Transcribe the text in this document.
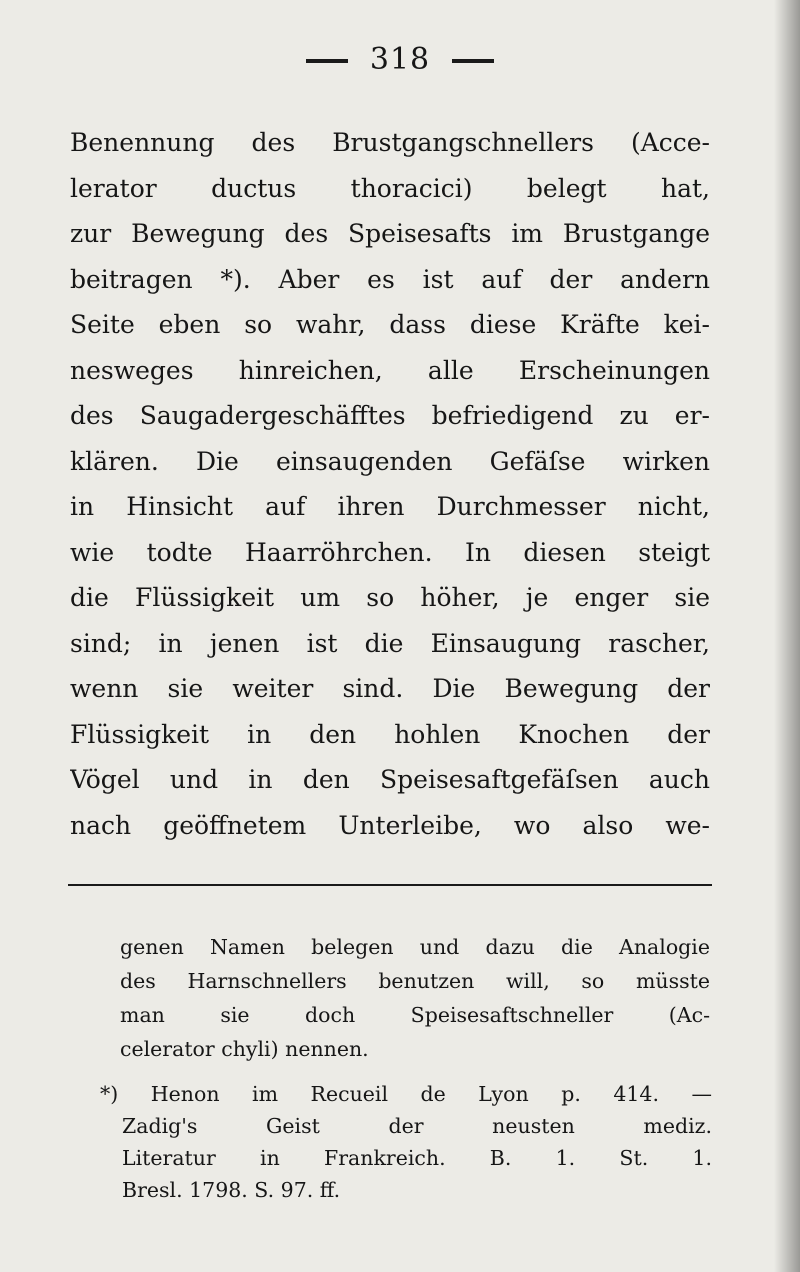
318
Benennung des Brustgangschnellers (Acce-
lerator ductus thoracici) belegt hat,
zur Bewegung des Speisesafts im Brustgange
beitragen *). Aber es ist auf der andern
Seite eben so wahr, dass diese Kräfte kei-
nesweges hinreichen, alle Erscheinungen
des Saugadergeschäfftes befriedigend zu er-
klären. Die einsaugenden Gefäſse wirken
in Hinsicht auf ihren Durchmesser nicht,
wie todte Haarröhrchen. In diesen steigt
die Flüssigkeit um so höher, je enger sie
sind; in jenen ist die Einsaugung rascher,
wenn sie weiter sind. Die Bewegung der
Flüssigkeit in den hohlen Knochen der
Vögel und in den Speisesaftgefäſsen auch
nach geöffnetem Unterleibe, wo also we-
genen Namen belegen und dazu die Analogie
des Harnschnellers benutzen will, so müsste
man sie doch Speisesaftschneller (Ac-
celerator chyli) nennen.
*) Henon im Recueil de Lyon p. 414. —
Zadig's Geist der neusten mediz.
Literatur in Frankreich. B. 1. St. 1.
Bresl. 1798. S. 97. ff.
